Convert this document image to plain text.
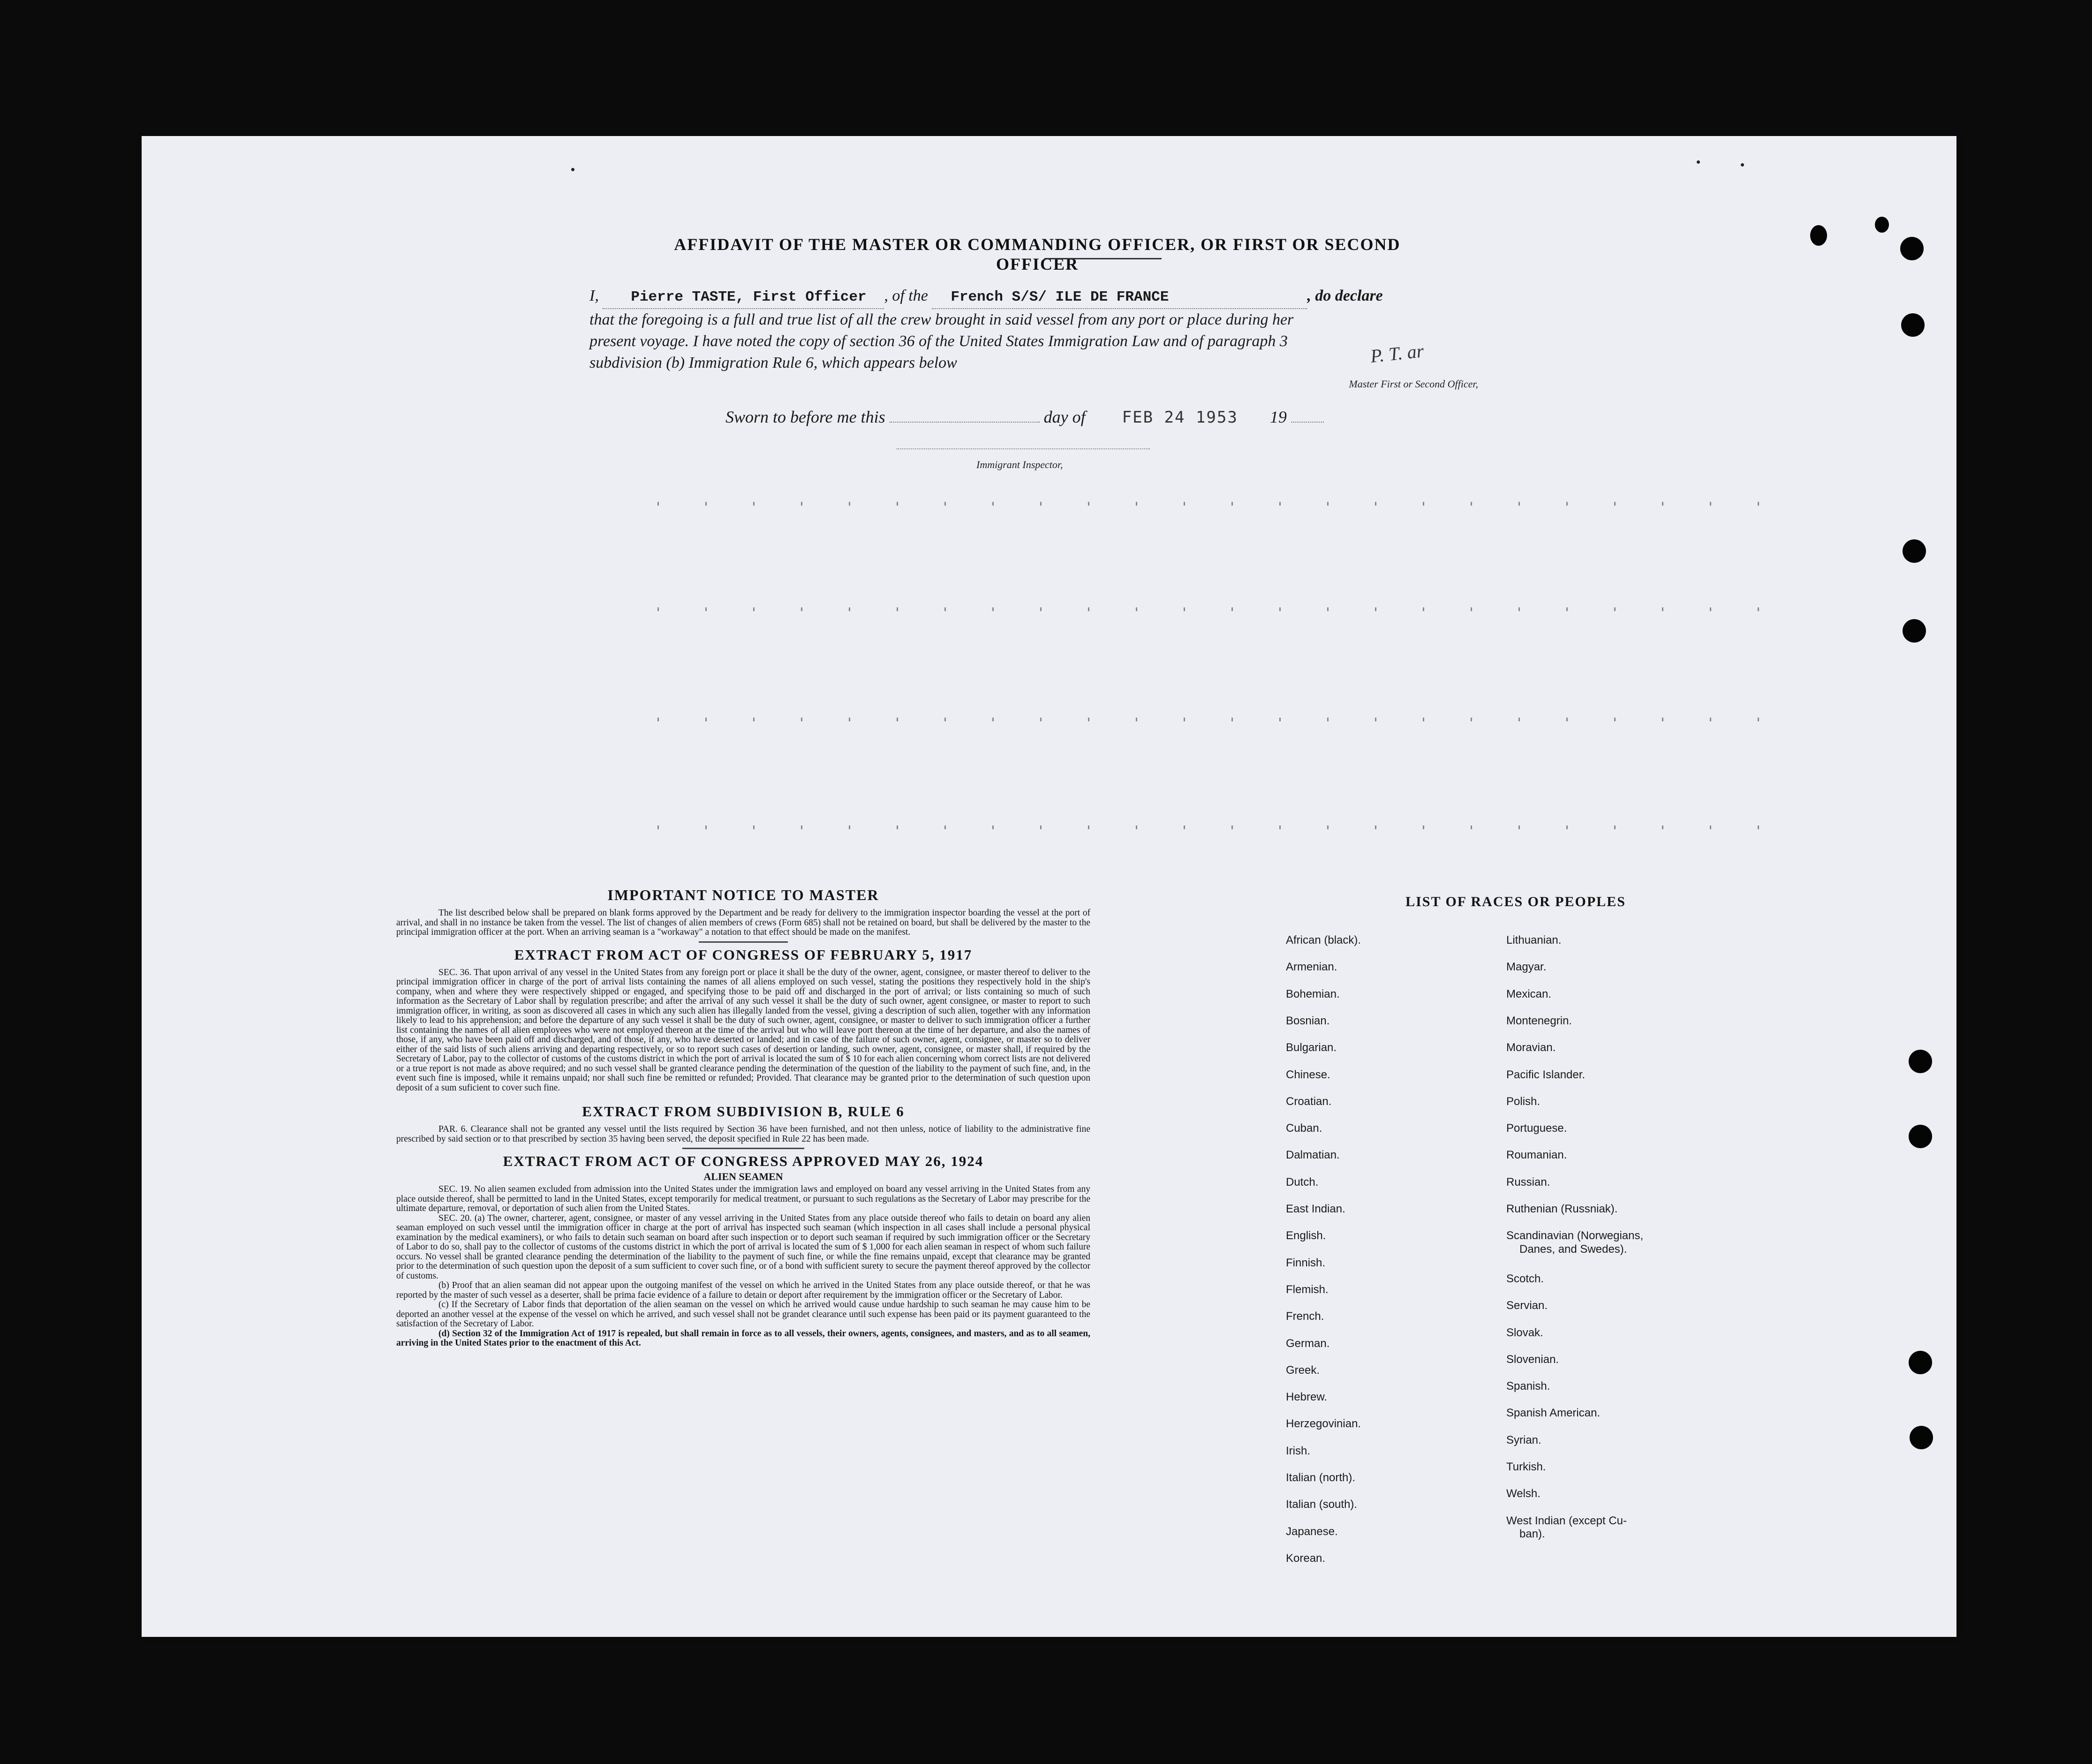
AFFIDAVIT OF THE MASTER OR COMMANDING OFFICER, OR FIRST OR SECOND OFFICER
I, Pierre TASTE, First Officer , of the French S/S/ ILE DE FRANCE	, do declare
that the foregoing is a full and true list of all the crew brought in said vessel from any port or place during her
present voyage. I have noted the copy of section 36 of the United States Immigration Law and of paragraph 3
subdivision (b) Immigration Rule 6, which appears below	P. T. ar
Master First or Second Officer,
Sworn to before me this	day of FEB 24 1953 19
Immigrant Inspector,

IMPORTANT NOTICE TO MASTER

The list described below shall be prepared on blank forms approved by the Department and be ready for delivery to the immigration inspector boarding the vessel at the port of arrival, and shall in no instance be taken from the vessel. The list of changes of alien members of crews (Form 685) shall not be retained on board, but shall be delivered by the master to the principal immigration officer at the port. When an arriving seaman is a "workaway" a notation to that effect should be made on the manifest.

EXTRACT FROM ACT OF CONGRESS OF FEBRUARY 5, 1917

SEC. 36. That upon arrival of any vessel in the United States from any foreign port or place it shall be the duty of the owner, agent, consignee, or master thereof to deliver to the principal immigration officer in charge of the port of arrival lists containing the names of all aliens employed on such vessel, stating the positions they respectively hold in the ship's company, when and where they were respectively shipped or engaged, and specifying those to be paid off and discharged in the port of arrival; or lists containing so much of such information as the Secretary of Labor shall by regulation prescribe; and after the arrival of any such vessel it shall be the duty of such owner, agent consignee, or master to report to such immigration officer, in writing, as soon as discovered all cases in which any such alien has illegally landed from the vessel, giving a description of such alien, together with any information likely to lead to his apprehension; and before the departure of any such vessel it shall be the duty of such owner, agent, consignee, or master to deliver to such immigration officer a further list containing the names of all alien employees who were not employed thereon at the time of the arrival but who will leave port thereon at the time of her departure, and also the names of those, if any, who have been paid off and discharged, and of those, if any, who have deserted or landed; and in case of the failure of such owner, agent, consignee, or master so to deliver either of the said lists of such aliens arriving and departing respectively, or so to report such cases of desertion or landing, such owner, agent, consignee, or master shall, if required by the Secretary of Labor, pay to the collector of customs of the customs district in which the port of arrival is located the sum of $ 10 for each alien concerning whom correct lists are not delivered or a true report is not made as above required; and no such vessel shall be granted clearance pending the determination of the question of the liability to the payment of such fine, and, in the event such fine is imposed, while it remains unpaid; nor shall such fine be remitted or refunded; Provided. That clearance may be granted prior to the determination of such question upon deposit of a sum suficient to cover such fine.

EXTRACT FROM SUBDIVISION B, RULE 6

PAR. 6. Clearance shall not be granted any vessel until the lists required by Section 36 have been furnished, and not then unless, notice of liability to the administrative fine prescribed by said section or to that prescribed by section 35 having been served, the deposit specified in Rule 22 has been made.

EXTRACT FROM ACT OF CONGRESS APPROVED MAY 26, 1924

ALIEN SEAMEN

SEC. 19. No alien seamen excluded from admission into the United States under the immigration laws and employed on board any vessel arriving in the United States from any place outside thereof, shall be permitted to land in the United States, except temporarily for medical treatment, or pursuant to such regulations as the Secretary of Labor may prescribe for the ultimate departure, removal, or deportation of such alien from the United States.

SEC. 20. (a) The owner, charterer, agent, consignee, or master of any vessel arriving in the United States from any place outside thereof who fails to detain on board any alien seaman employed on such vessel until the immigration officer in charge at the port of arrival has inspected such seaman (which inspection in all cases shall include a personal physical examination by the medical examiners), or who fails to detain such seaman on board after such inspection or to deport such seaman if required by such immigration officer or the Secretary of Labor to do so, shall pay to the collector of customs of the customs district in which the port of arrival is located the sum of $ 1,000 for each alien seaman in respect of whom such failure occurs. No vessel shall be granted clearance pending the determination of the liability to the payment of such fine, or while the fine remains unpaid, except that clearance may be granted prior to the determination of such question upon the deposit of a sum sufficient to cover such fine, or of a bond with sufficient surety to secure the payment thereof approved by the collector of customs.

(b) Proof that an alien seaman did not appear upon the outgoing manifest of the vessel on which he arrived in the United States from any place outside thereof, or that he was reported by the master of such vessel as a deserter, shall be prima facie evidence of a failure to detain or deport after requirement by the immigration officer or the Secretary of Labor.

(c) If the Secretary of Labor finds that deportation of the alien seaman on the vessel on which he arrived would cause undue hardship to such seaman he may cause him to be deported an another vessel at the expense of the vessel on which he arrived, and such vessel shall not be grandet clearance until such expense has been paid or its payment guaranteed to the satisfaction of the Secretary of Labor.

(d) Section 32 of the Immigration Act of 1917 is repealed, but shall remain in force as to all vessels, their owners, agents, consignees, and masters, and as to all seamen, arriving in the United States prior to the enactment of this Act.

LIST OF RACES OR PEOPLES
African (black).
Armenian.
Bohemian.
Bosnian.
Bulgarian.
Chinese.
Croatian.
Cuban.
Dalmatian.
Dutch.
East Indian.
English.
Finnish.
Flemish.
French.
German.
Greek.
Hebrew.
Herzegovinian.
Irish.
Italian (north).
Italian (south).
Japanese.
Korean.
Lithuanian.
Magyar.
Mexican.
Montenegrin.
Moravian.
Pacific Islander.
Polish.
Portuguese.
Roumanian.
Russian.
Ruthenian (Russniak).
Scandinavian (Norwegians,
Danes, and Swedes).
Scotch.
Servian.
Slovak.
Slovenian.
Spanish.
Spanish American.
Syrian.
Turkish.
Welsh.
West Indian (except Cu-
ban).
